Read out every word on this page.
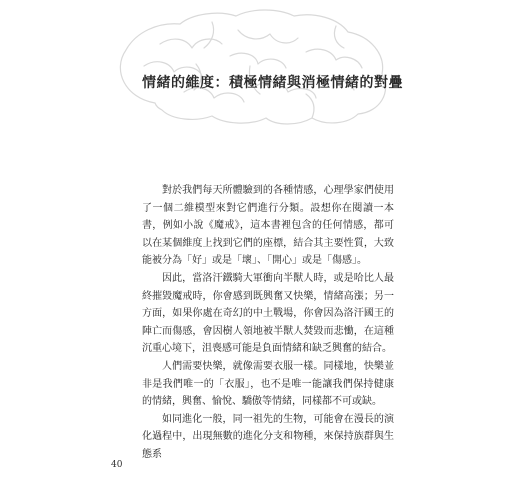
情緒的維度：積極情緒與消極情緒的對疊

對於我們每天所體驗到的各種情感，心理學家們使用了一個二維模型來對它們進行分類。設想你在閱讀一本書，例如小說《魔戒》，這本書裡包含的任何情感，都可以在某個維度上找到它們的座標，結合其主要性質，大致能被分為「好」或是「壞」、「開心」或是「傷感」。

因此，當洛汗鐵騎大軍衝向半獸人時，或是哈比人最終摧毀魔戒時，你會感到既興奮又快樂，情緒高漲；另一方面，如果你處在奇幻的中土戰場，你會因為洛汗國王的陣亡而傷感，會因樹人領地被半獸人焚毀而悲慟，在這種沉重心境下，沮喪感可能是負面情緒和缺乏興奮的結合。

人們需要快樂，就像需要衣服一樣。同樣地，快樂並非是我們唯一的「衣服」，也不是唯一能讓我們保持健康的情緒，興奮、愉悅、驕傲等情緒，同樣都不可或缺。

如同進化一般，同一祖先的生物，可能會在漫長的演化過程中，出現無數的進化分支和物種，來保持族群與生態系

40
